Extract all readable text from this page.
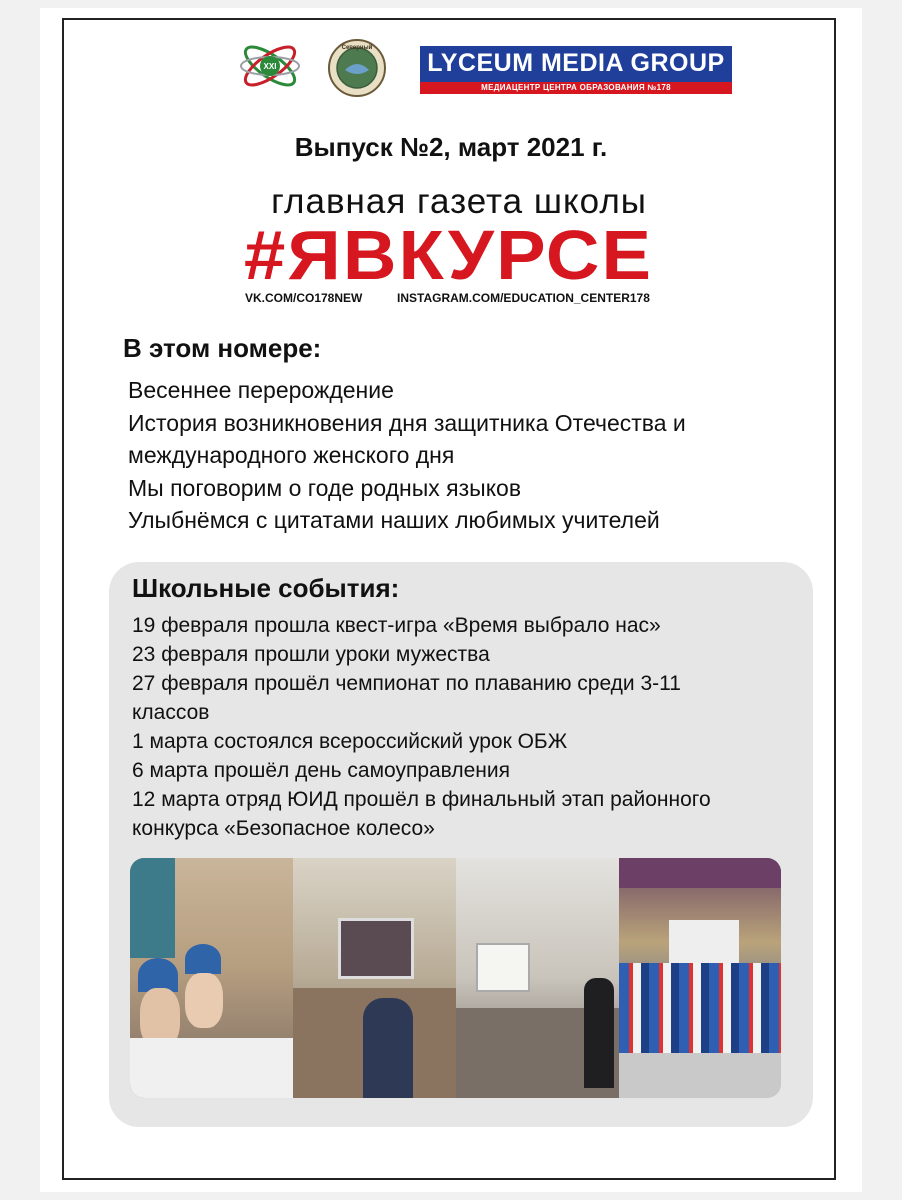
XXI
Северный
LYCEUM MEDIA GROUP
МЕДИАЦЕНТР ЦЕНТРА ОБРАЗОВАНИЯ №178
Выпуск №2, март 2021 г.
главная газета школы
#ЯВКУРСЕ
VK.COM/CO178NEW	INSTAGRAM.COM/EDUCATION_CENTER178
В этом номере:
Весеннее перерождение
История возникновения дня защитника Отечества и
международного женского дня
Мы поговорим о годе родных языков
Улыбнёмся с цитатами наших любимых учителей
Школьные события:
19 февраля прошла квест-игра «Время выбрало нас»
23 февраля прошли уроки мужества
27 февраля прошёл чемпионат по плаванию среди 3-11
классов
1 марта состоялся всероссийский урок ОБЖ
6 марта прошёл день самоуправления
12 марта отряд ЮИД прошёл в финальный этап районного
конкурса «Безопасное колесо»
